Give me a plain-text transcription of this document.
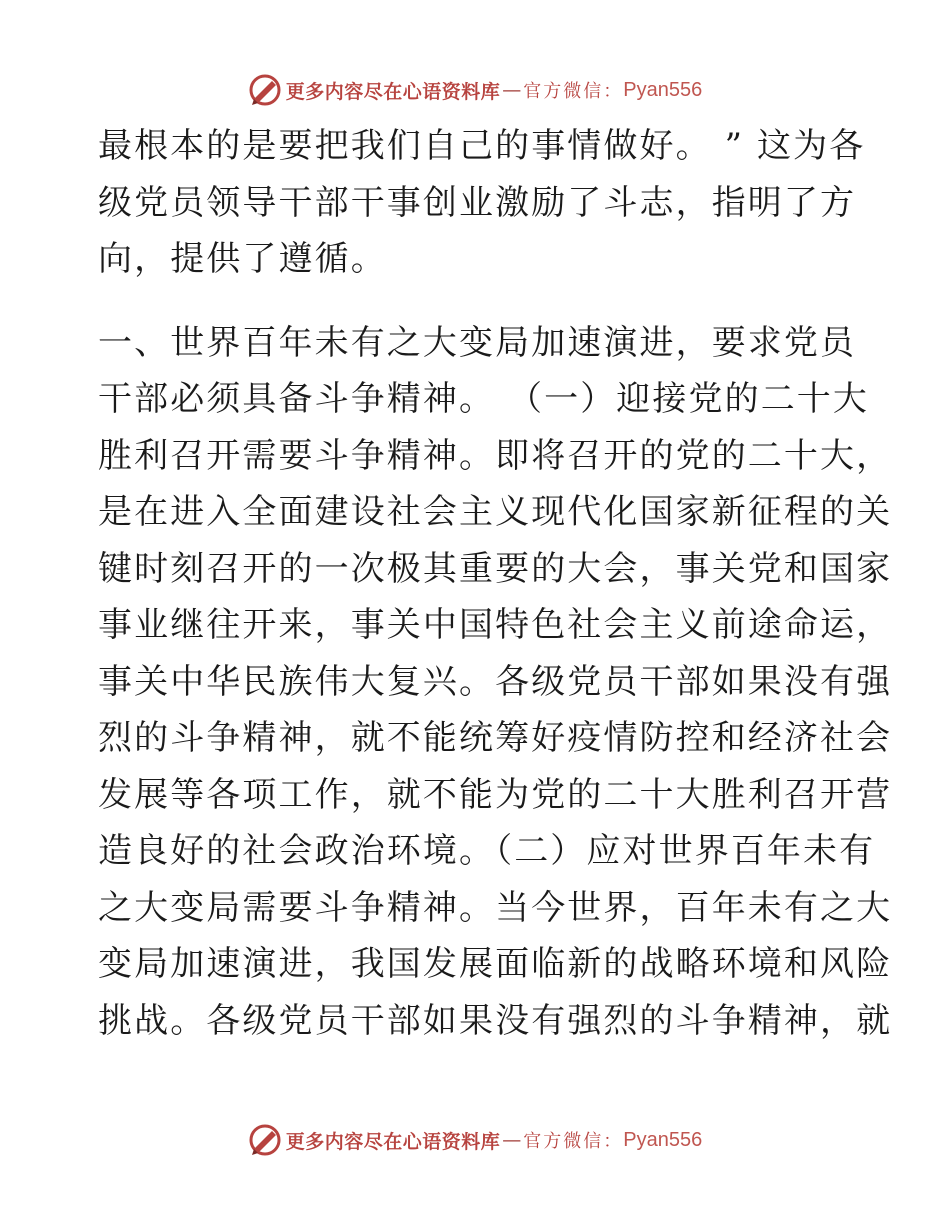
更多内容尽在心语资料库 — 官方微信： Pyan556
最根本的是要把我们自己的事情做好。 ” 这为各
级党员领导干部干事创业激励了斗志，指明了方
向，提供了遵循。
一、世界百年未有之大变局加速演进，要求党员
干部必须具备斗争精神。 （一）迎接党的二十大
胜利召开需要斗争精神。即将召开的党的二十大，
是在进入全面建设社会主义现代化国家新征程的关
键时刻召开的一次极其重要的大会，事关党和国家
事业继往开来，事关中国特色社会主义前途命运，
事关中华民族伟大复兴。各级党员干部如果没有强
烈的斗争精神，就不能统筹好疫情防控和经济社会
发展等各项工作，就不能为党的二十大胜利召开营
造良好的社会政治环境。（二）应对世界百年未有
之大变局需要斗争精神。当今世界，百年未有之大
变局加速演进，我国发展面临新的战略环境和风险
挑战。各级党员干部如果没有强烈的斗争精神，就
更多内容尽在心语资料库 — 官方微信： Pyan556
